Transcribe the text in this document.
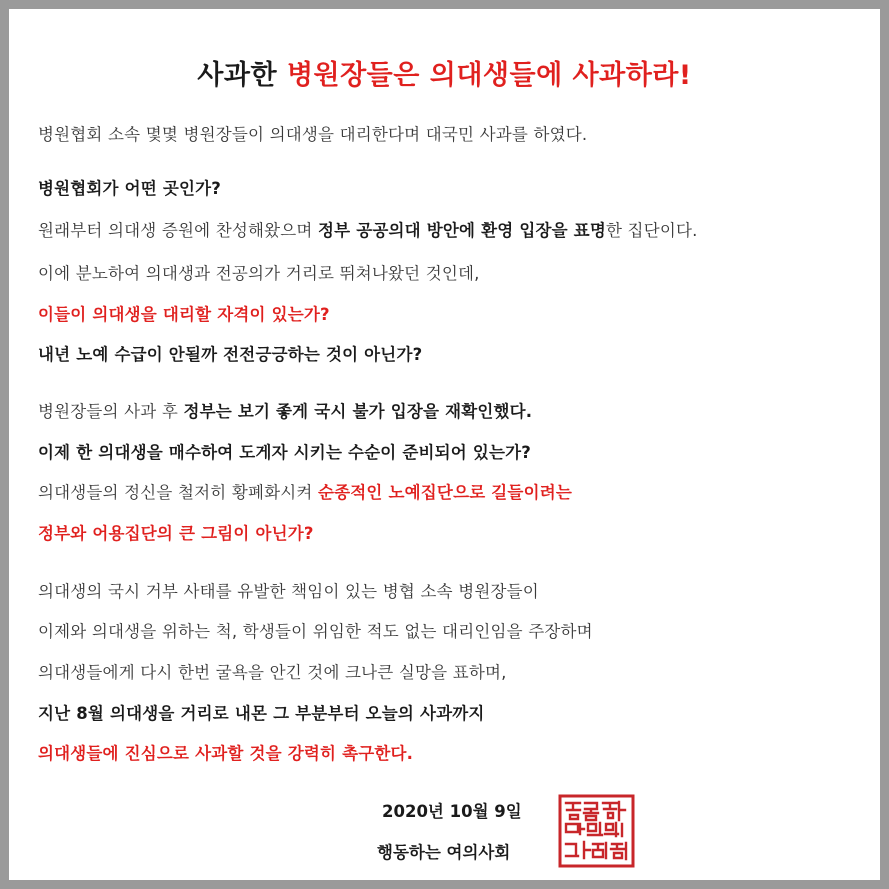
사과한 병원장들은 의대생들에 사과하라!
병원협회 소속 몇몇 병원장들이 의대생을 대리한다며 대국민 사과를 하였다.
병원협회가 어떤 곳인가?
원래부터 의대생 증원에 찬성해왔으며 정부 공공의대 방안에 환영 입장을 표명한 집단이다.
이에 분노하여 의대생과 전공의가 거리로 뛰쳐나왔던 것인데,
이들이 의대생을 대리할 자격이 있는가?
내년 노예 수급이 안될까 전전긍긍하는 것이 아닌가?
병원장들의 사과 후 정부는 보기 좋게 국시 불가 입장을 재확인했다.
이제 한 의대생을 매수하여 도게자 시키는 수순이 준비되어 있는가?
의대생들의 정신을 철저히 황폐화시켜 순종적인 노예집단으로 길들이려는
정부와 어용집단의 큰 그림이 아닌가?
의대생의 국시 거부 사태를 유발한 책임이 있는 병협 소속 병원장들이
이제와 의대생을 위하는 척, 학생들이 위임한 적도 없는 대리인임을 주장하며
의대생들에게 다시 한번 굴욕을 안긴 것에 크나큰 실망을 표하며,
지난 8월 의대생을 거리로 내몬 그 부분부터 오늘의 사과까지
의대생들에 진심으로 사과할 것을 강력히 촉구한다.
2020년 10월 9일
행동하는 여의사회
